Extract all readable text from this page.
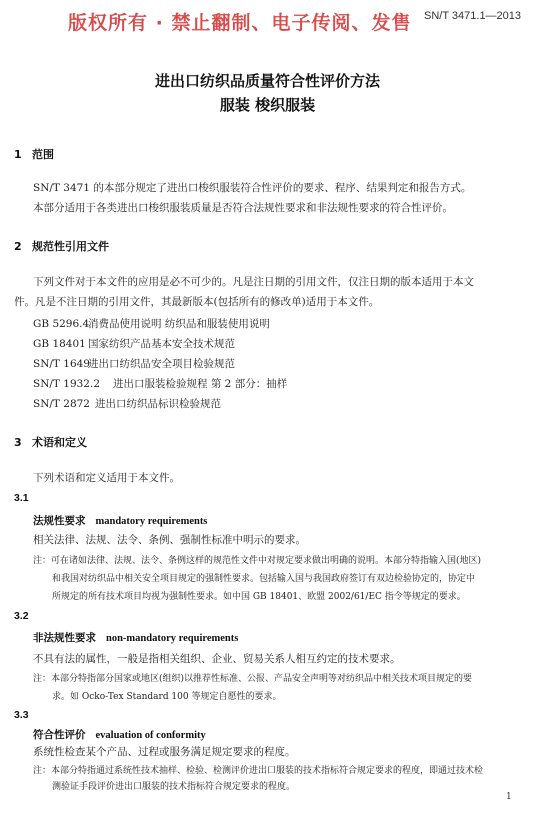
版权所有 · 禁止翻制、电子传阅、发售 SN/T 3471.1—2013
进出口纺织品质量符合性评价方法
服装 梭织服装
1 范围
SN/T 3471 的本部分规定了进出口梭织服装符合性评价的要求、程序、结果判定和报告方式。
本部分适用于各类进出口梭织服装质量是否符合法规性要求和非法规性要求的符合性评价。
2 规范性引用文件
下列文件对于本文件的应用是必不可少的。凡是注日期的引用文件，仅注日期的版本适用于本文
件。凡是不注日期的引用文件，其最新版本(包括所有的修改单)适用于本文件。
GB 5296.4消费品使用说明 纺织品和服装使用说明
GB 18401 国家纺织产品基本安全技术规范
SN/T 1649进出口纺织品安全项目检验规范
SN/T 1932.2 进出口服装检验规程 第 2 部分：抽样
SN/T 2872 进出口纺织品标识检验规范
3 术语和定义
下列术语和定义适用于本文件。
3.1
法规性要求 mandatory requirements
相关法律、法规、法令、条例、强制性标准中明示的要求。
注：可在诸如法律、法规、法令、条例这样的规范性文件中对规定要求做出明确的说明。本部分特指输入国(地区)
和我国对纺织品中相关安全项目规定的强制性要求。包括输入国与我国政府签订有双边检验协定的，协定中
所规定的所有技术项目均视为强制性要求。如中国 GB 18401、欧盟 2002/61/EC 指令等规定的要求。
3.2
非法规性要求 non-mandatory requirements
不具有法的属性，一般是指相关组织、企业、贸易关系人相互约定的技术要求。
注：本部分特指部分国家或地区(组织)以推荐性标准、公报、产品安全声明等对纺织品中相关技术项目规定的要
求。如 Ocko-Tex Standard 100 等规定自愿性的要求。
3.3
符合性评价 evaluation of conformity
系统性检查某个产品、过程或服务满足规定要求的程度。
注：本部分特指通过系统性技术抽样、检验、检测评价进出口服装的技术指标符合规定要求的程度，即通过技术检
测验证手段评价进出口服装的技术指标符合规定要求的程度。
1
